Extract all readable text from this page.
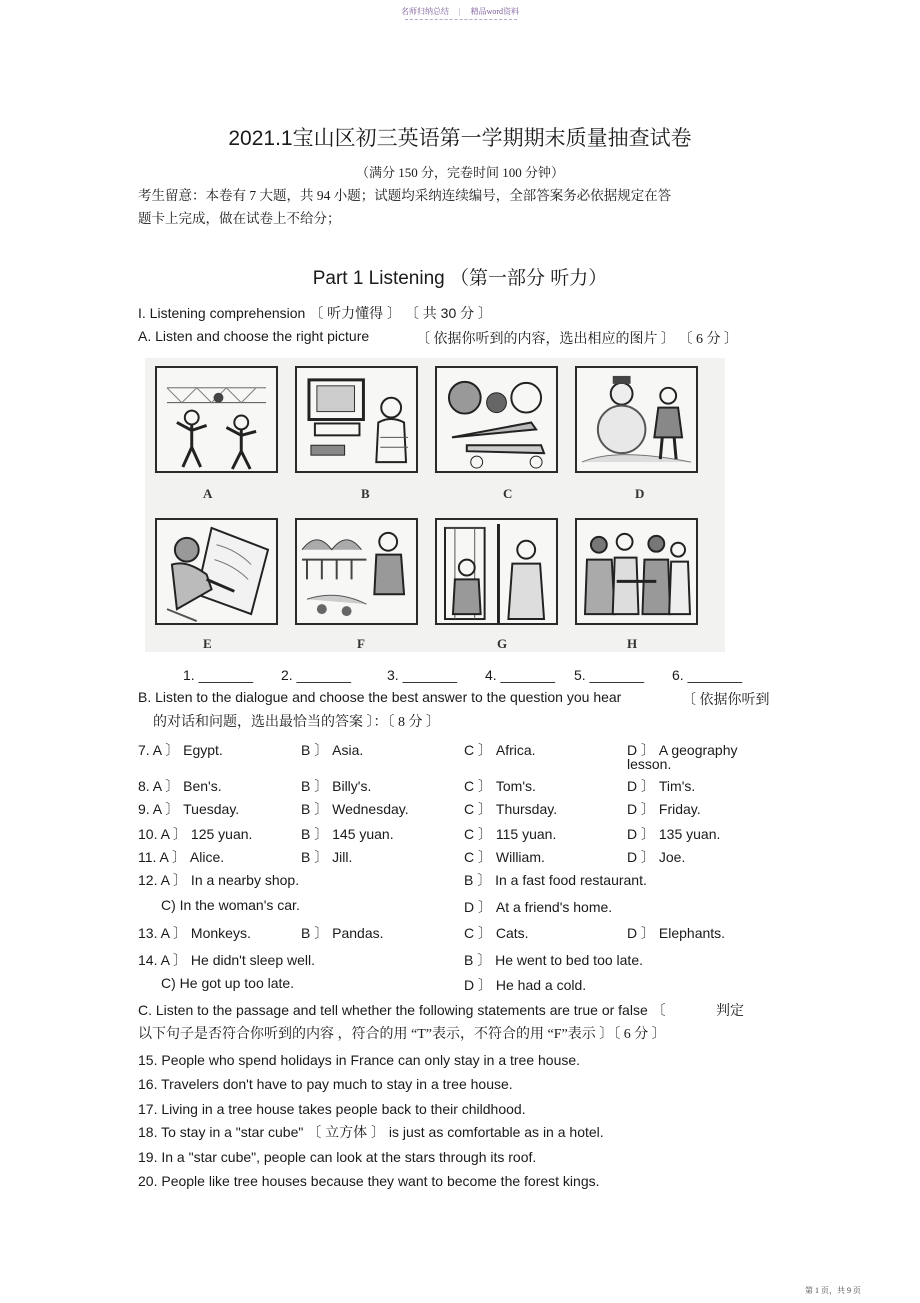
名师归纳总结 | 精品word资料
2021.1宝山区初三英语第一学期期末质量抽查试卷
（满分 150 分，完卷时间 100 分钟）
考生留意：本卷有 7 大题，共 94 小题；试题均采纳连续编号，全部答案务必依据规定在答
题卡上完成，做在试卷上不给分；
Part 1 Listening （第一部分 听力）
I. Listening comprehension 〔 听力懂得 〕 〔 共 30 分 〕
A. Listen and choose the right picture	〔 依据你听到的内容，选出相应的图片 〕 〔 6 分 〕
A	B	C	D
E	F	G	H
1. _______ 2. _______	3. _______ 4. _______ 5. _______ 6. _______
B. Listen to the dialogue and choose the best answer to the question you hear	〔 依据你听到
的对话和问题，选出最恰当的答案 〕：〔 8 分 〕
7. A 〕 Egypt.	B 〕 Asia.	C 〕 Africa.	D 〕 A geography
lesson.
8. A 〕 Ben's.	B 〕 Billy's.	C 〕 Tom's.	D 〕 Tim's.
9. A 〕 Tuesday.	B 〕 Wednesday.	C 〕 Thursday.	D 〕 Friday.
10. A 〕 125 yuan.	B 〕 145 yuan.	C 〕 115 yuan.	D 〕 135 yuan.
11. A 〕 Alice.	B 〕 Jill.	C 〕 William.	D 〕 Joe.
12. A 〕 In a nearby shop.	B 〕 In a fast food restaurant.
C) In the woman's car.	D 〕 At a friend's home.
13. A 〕 Monkeys.	B 〕 Pandas.	C 〕 Cats.	D 〕 Elephants.
14. A 〕 He didn't sleep well.	B 〕 He went to bed too late.
C) He got up too late.	D 〕 He had a cold.
C. Listen to the passage and tell whether the following statements are true or false 〔	判定
以下句子是否符合你听到的内容 ，符合的用 “T”表示，不符合的用 “F”表示 〕〔 6 分 〕
15. People who spend holidays in France can only stay in a tree house.
16. Travelers don't have to pay much to stay in a tree house.
17. Living in a tree house takes people back to their childhood.
18. To stay in a "star cube" 〔 立方体 〕 is just as comfortable as in a hotel.
19. In a "star cube", people can look at the stars through its roof.
20. People like tree houses because they want to become the forest kings.
第 1 页，共 9 页
